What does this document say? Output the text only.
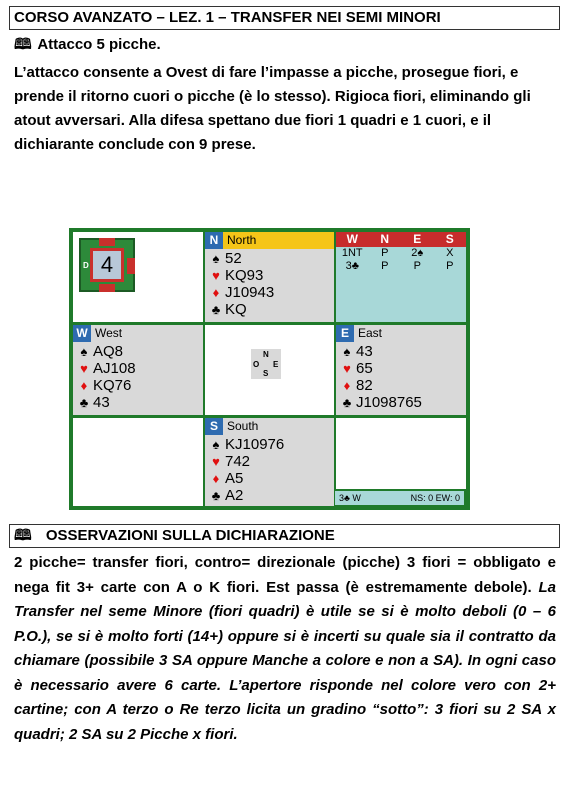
CORSO AVANZATO – LEZ. 1 – TRANSFER NEI SEMI MINORI
🕮 Attacco 5 picche.
L’attacco consente a Ovest di fare l’impasse a picche, prosegue fiori, e prende il ritorno cuori o picche (è lo stesso). Rigioca fiori, eliminando gli atout avversari. Alla difesa spettano due fiori 1 quadri e 1 cuori, e il dichiarante conclude con 9 prese.
D 4
N North
♠ 52
♥ KQ93
♦ J10943
♣ KQ
W	N	E	S
1NT	P	2♠	X
3♣	P	P	P
W West
♠ AQ8
♥ AJ108
♦ KQ76
♣ 43
N
O E
S
E East
♠ 43
♥ 65
♦ 82
♣ J1098765
S South
♠ KJ10976
♥ 742
♦ A5
♣ A2	3♣ W	NS: 0 EW: 0
🕮 OSSERVAZIONI SULLA DICHIARAZIONE
2 picche= transfer fiori, contro= direzionale (picche) 3 fiori = obbligato e nega fit 3+ carte con A o K fiori. Est passa (è estremamente debole). La Transfer nel seme Minore (fiori quadri) è utile se si è molto deboli (0 – 6 P.O.), se si è molto forti (14+) oppure si è incerti su quale sia il contratto da chiamare (possibile 3 SA oppure Manche a colore e non a SA). In ogni caso è necessario avere 6 carte. L’apertore risponde nel colore vero con 2+ cartine; con A terzo o Re terzo licita un gradino “sotto”: 3 fiori su 2 SA x quadri; 2 SA su 2 Picche x fiori.
